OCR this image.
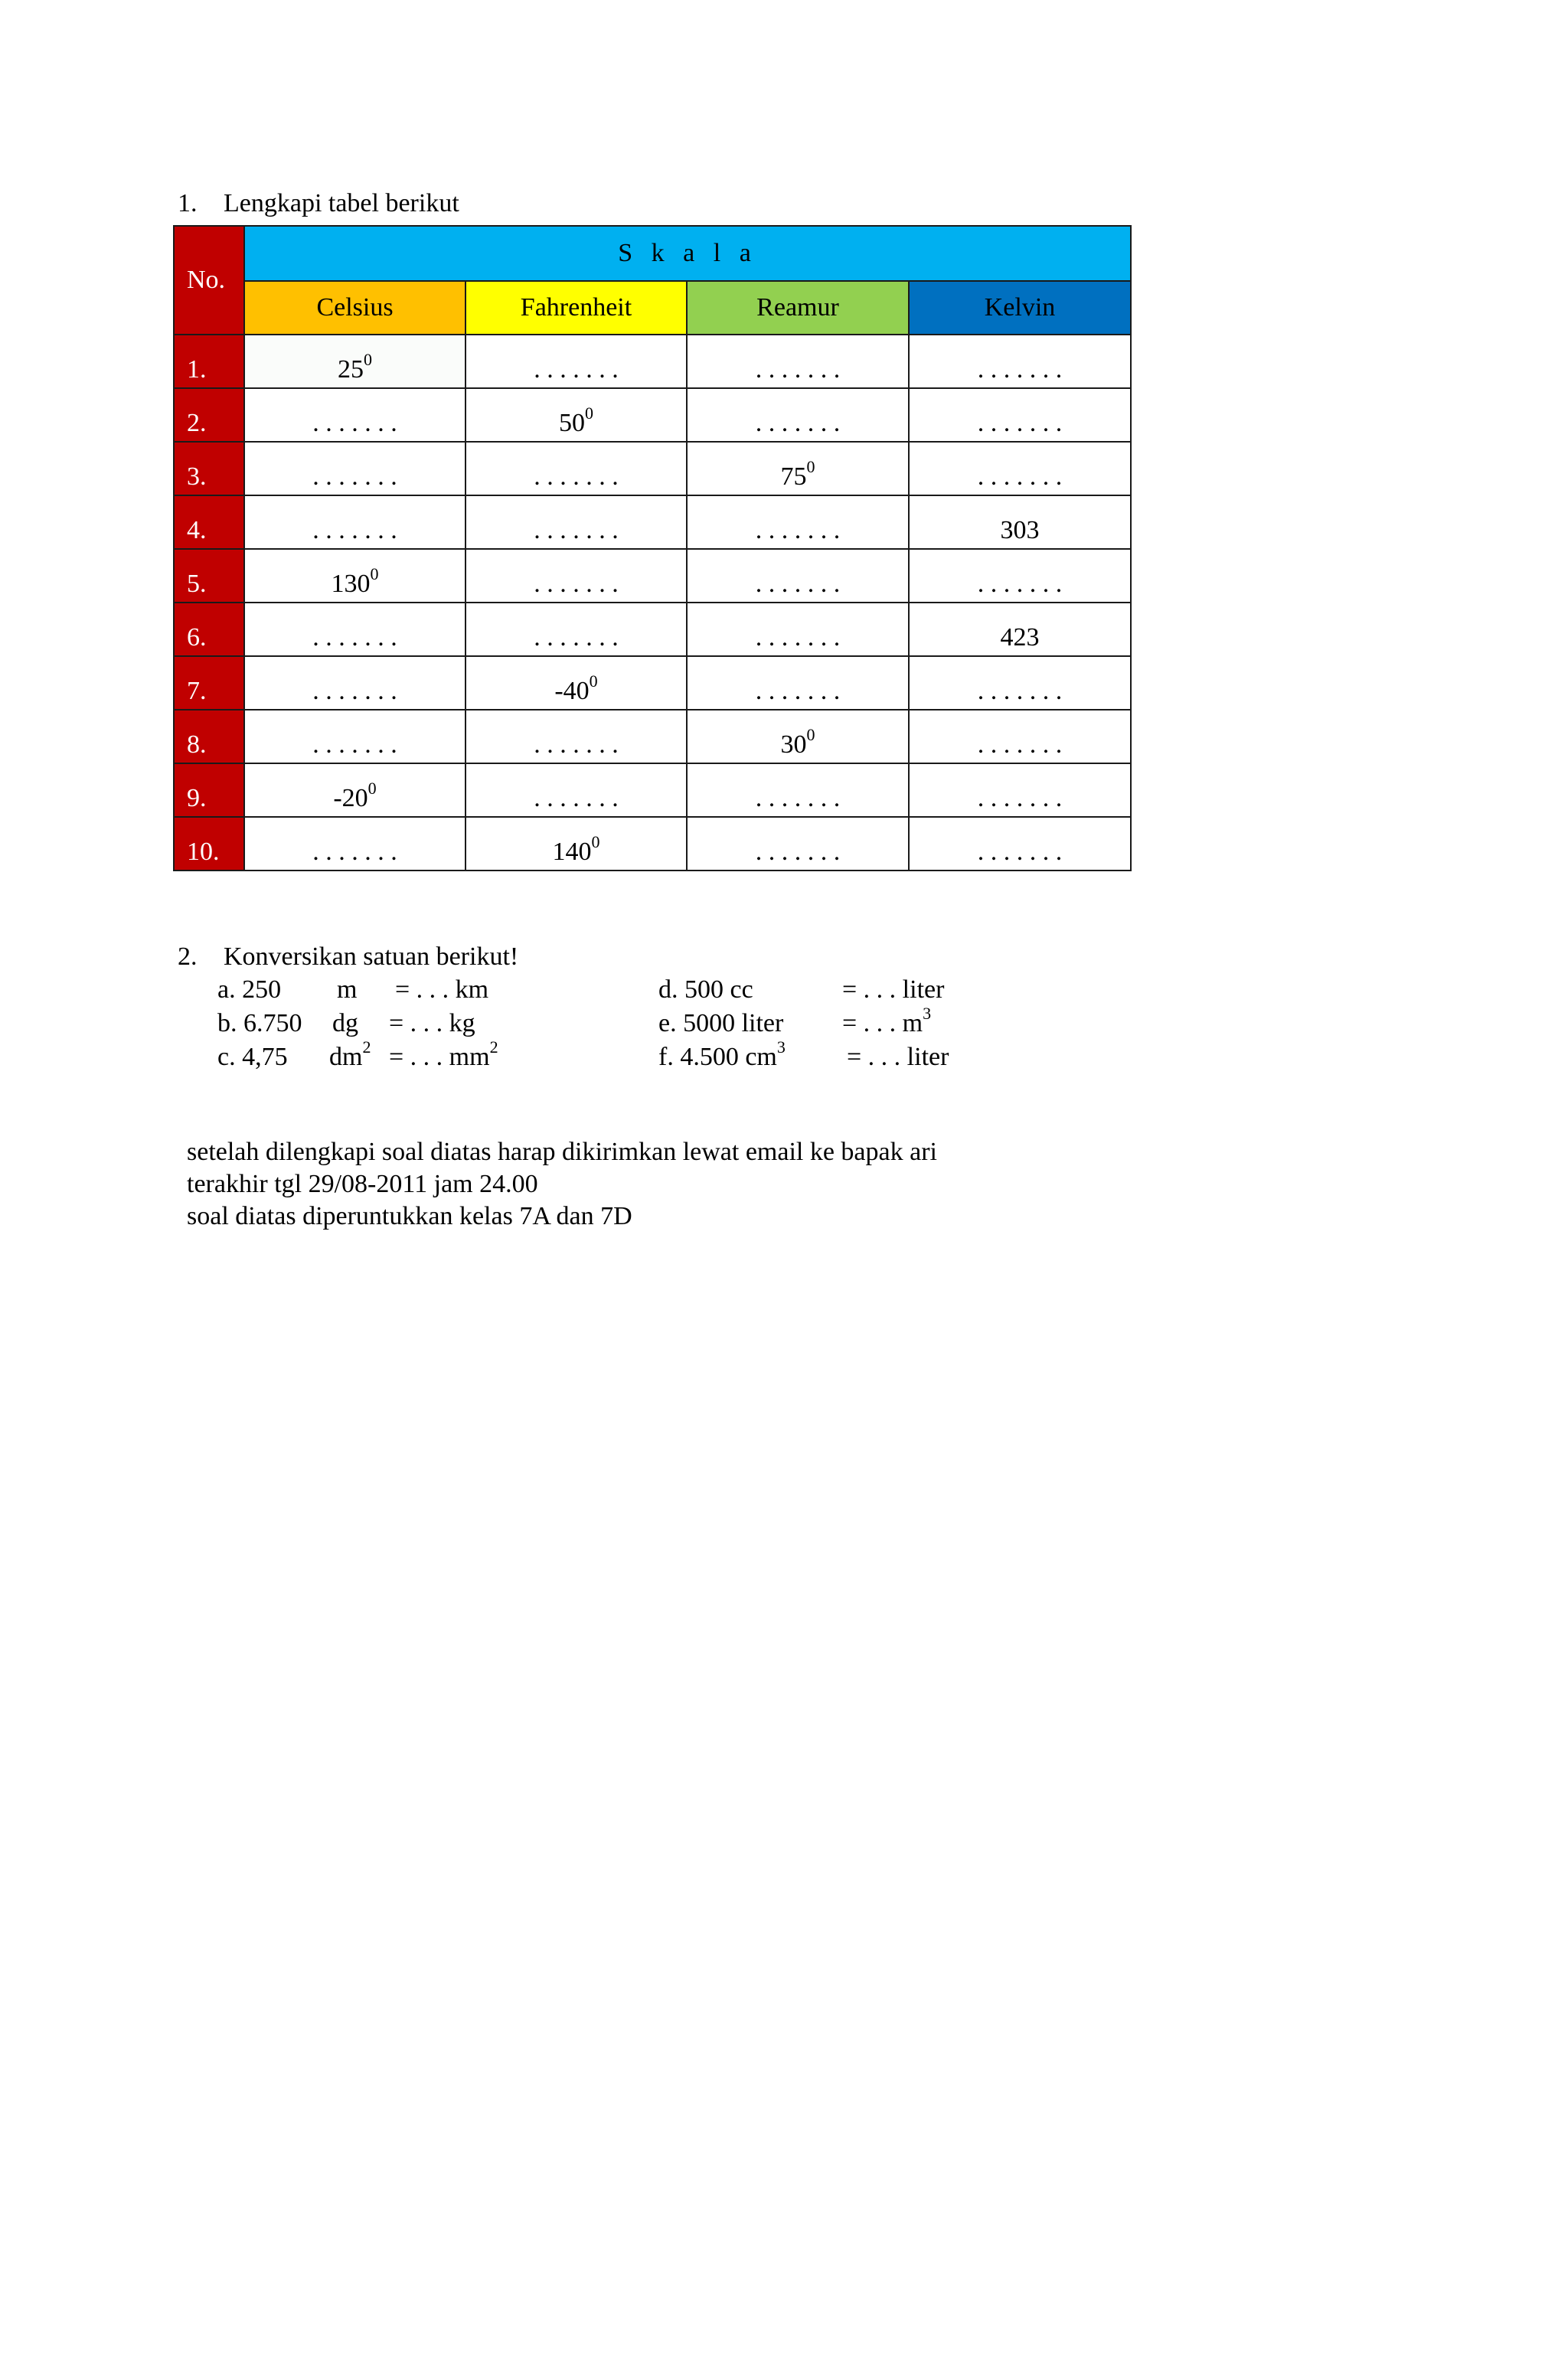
1. Lengkapi tabel berikut
No.	S k a l a			
	Celsius	Fahrenheit	Reamur	Kelvin
1.	$25^0$	. . . . . . .	. . . . . . .	. . . . . . .
2.	. . . . . . .	$50^0$	. . . . . . .	. . . . . . .
3.	. . . . . . .	. . . . . . .	$75^0$	. . . . . . .
4.	. . . . . . .	. . . . . . .	. . . . . . .	303
5.	$130^0$	. . . . . . .	. . . . . . .	. . . . . . .
6.	. . . . . . .	. . . . . . .	. . . . . . .	423
7.	. . . . . . .	$-40^0$	. . . . . . .	. . . . . . .
8.	. . . . . . .	. . . . . . .	$30^0$	. . . . . . .
9.	$-20^0$	. . . . . . .	. . . . . . .	. . . . . . .
10.	. . . . . . .	$140^0$	. . . . . . .	. . . . . . .
2. Konversikan satuan berikut!
a. 250 m = . . . km
b. 6.750 dg = . . . kg
c. 4,75 $dm^2$ = . . . $mm^2$
d. 500 cc	= . . . liter
e. 5000 liter = . . . $m^3$
f. 4.500 $cm^3$ = . . . liter
setelah dilengkapi soal diatas harap dikirimkan lewat email ke bapak ari
terakhir tgl 29/08-2011 jam 24.00
soal diatas diperuntukkan kelas 7A dan 7D
